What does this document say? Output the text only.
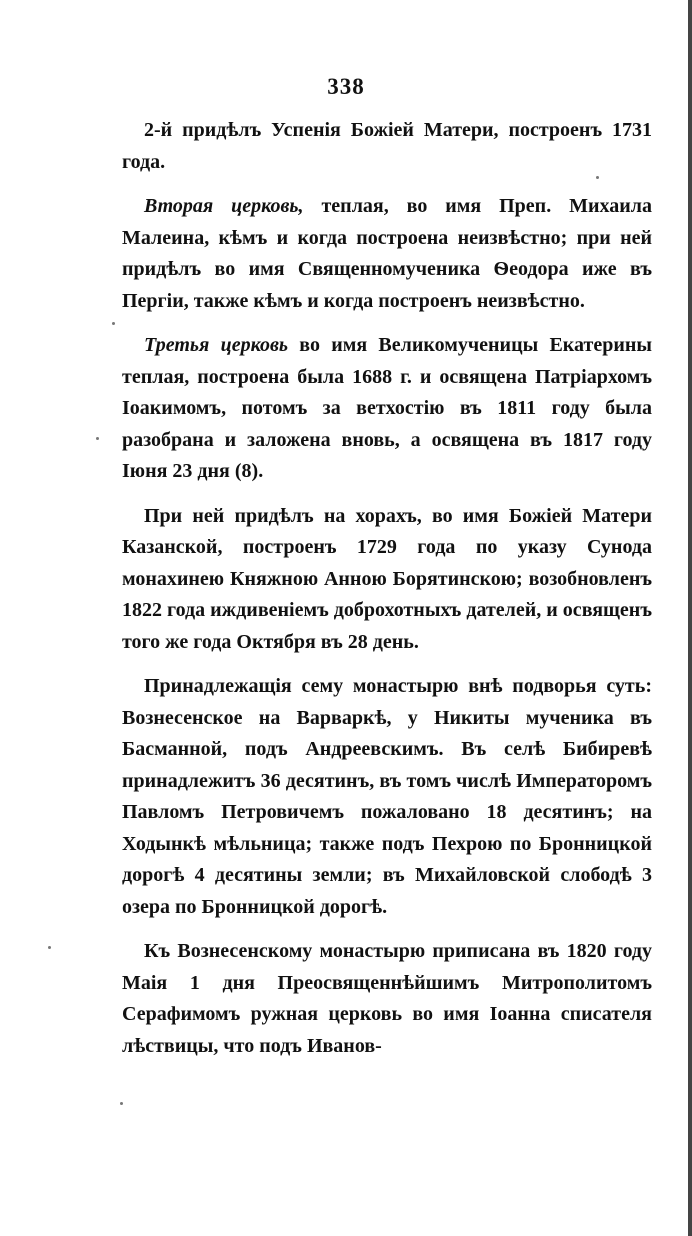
338

2-й придѣлъ Успенія Божіей Матери, построенъ 1731 года.

Вторая церковь, теплая, во имя Преп. Михаила Малеина, кѣмъ и когда построена неизвѣстно; при ней придѣлъ во имя Священномученика Ѳеодора иже въ Пергіи, также кѣмъ и когда построенъ неизвѣстно.

Третья церковь во имя Великомученицы Екатерины теплая, построена была 1688 г. и освящена Патріархомъ Іоакимомъ, потомъ за ветхостію въ 1811 году была разобрана и заложена вновь, а освящена въ 1817 году Іюня 23 дня (8).

При ней придѣлъ на хорахъ, во имя Божіей Матери Казанской, построенъ 1729 года по указу Сунода монахинею Княжною Анною Борятинскою; возобновленъ 1822 года иждивеніемъ доброхотныхъ дателей, и освященъ того же года Октября въ 28 день.

Принадлежащія сему монастырю внѣ подворья суть: Вознесенское на Варваркѣ, у Никиты мученика въ Басманной, подъ Андреевскимъ. Въ селѣ Бибиревѣ принадлежитъ 36 десятинъ, въ томъ числѣ Императоромъ Павломъ Петровичемъ пожаловано 18 десятинъ; на Ходынкѣ мѣльница; также подъ Пехрою по Бронницкой дорогѣ 4 десятины земли; въ Михайловской слободѣ 3 озера по Бронницкой дорогѣ.

Къ Вознесенскому монастырю приписана въ 1820 году Маія 1 дня Преосвященнѣйшимъ Митрополитомъ Серафимомъ ружная церковь во имя Іоанна списателя лѣствицы, что подъ Иванов-
